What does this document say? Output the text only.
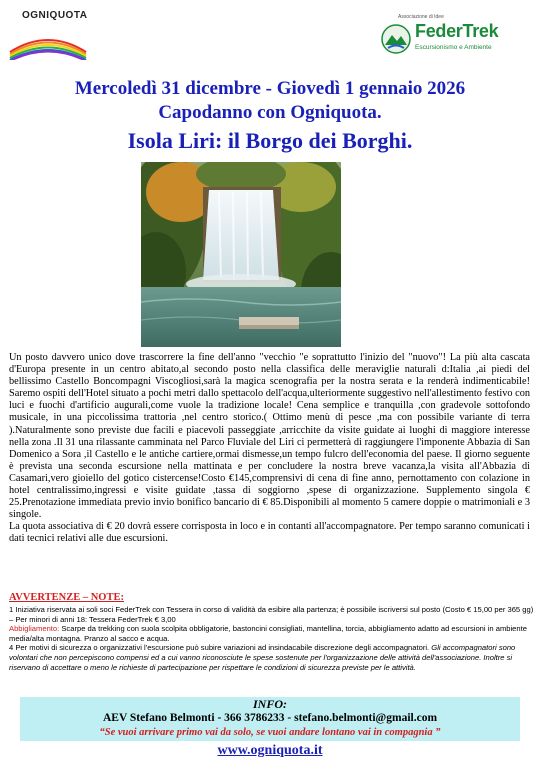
OGNIQUOTA	Associazione di Idee
FederTrek
Escursionismo e Ambiente
Mercoledì 31 dicembre - Giovedì 1 gennaio 2026
Capodanno con Ogniquota.
Isola Liri: il Borgo dei Borghi.

Un posto davvero unico dove trascorrere la fine dell'anno "vecchio "e soprattutto l'inizio del "nuovo"! La più alta cascata d'Europa presente in un centro abitato,al secondo posto nella classifica delle meraviglie naturali d:Italia ,ai piedi del bellissimo Castello Boncompagni Viscogliosi,sarà la magica scenografia per la nostra serata e la renderà indimenticabile! Saremo ospiti dell'Hotel situato a pochi metri dallo spettacolo dell'acqua,ulteriormente suggestivo nell'allestimento festivo con luci e fuochi d'artificio augurali,come vuole la tradizione locale! Cena semplice e tranquilla ,con gradevole sottofondo musicale, in una piccolissima trattoria ,nel centro storico.( Ottimo menù di pesce ,ma con possibile variante di terra ).Naturalmente sono previste due facili e piacevoli passeggiate ,arricchite da visite guidate ai luoghi di maggiore interesse nella zona .Il 31 una rilassante camminata nel Parco Fluviale del Liri ci permetterà di raggiungere l'imponente Abbazia di San Domenico a Sora ,il Castello e le antiche cartiere,ormai dismesse,un tempo fulcro dell'economia del paese. Il giorno seguente è prevista una seconda escursione nella mattinata e per concludere la nostra breve vacanza,la visita all'Abbazia di Casamari,vero gioiello del gotico cistercense!Costo €145,comprensivi di cena di fine anno, pernottamento con colazione in hotel centralissimo,ingressi e visite guidate ,tassa di soggiorno ,spese di organizzazione. Supplemento singola € 25.Prenotazione immediata previo invio bonifico bancario di € 85.Disponibili al momento 5 camere doppie o matrimoniali e 3 singole.

La quota associativa di € 20 dovrà essere corrisposta in loco e in contanti all'accompagnatore. Per tempo saranno comunicati i dati tecnici relativi alle due escursioni.

AVVERTENZE – NOTE:

1 Iniziativa riservata ai soli soci FederTrek con Tessera in corso di validità da esibire alla partenza; è possibile iscriversi sul posto (Costo € 15,00 per 365 gg) – Per minori di anni 18: Tessera FederTrek € 3,00

Abbigliamento: Scarpe da trekking con suola scolpita obbligatorie, bastoncini consigliati, mantellina, torcia, abbigliamento adatto ad escursioni in ambiente media/alta montagna. Pranzo al sacco e acqua.

4 Per motivi di sicurezza o organizzativi l'escursione può subire variazioni ad insindacabile discrezione degli accompagnatori. Gli accompagnatori sono volontari che non percepiscono compensi ed a cui vanno riconosciute le spese sostenute per l'organizzazione delle attività dell'associazione. Inoltre si riservano di accettare o meno le richieste di partecipazione per rispettare le condizioni di sicurezza previste per le attività.

INFO:
AEV Stefano Belmonti - 366 3786233 - stefano.belmonti@gmail.com
“Se vuoi arrivare primo vai da solo, se vuoi andare lontano vai in compagnia ”
www.ogniquota.it
